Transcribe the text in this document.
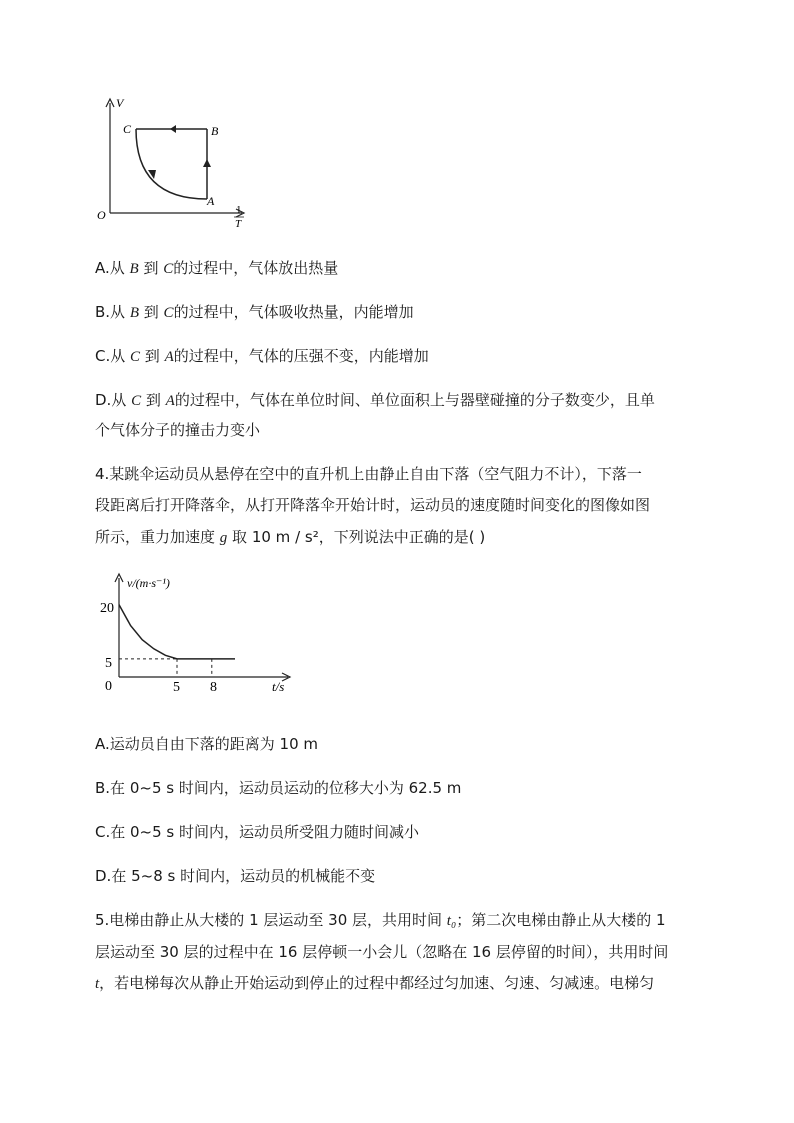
V
C	B
A
O	1
T
A.从 B 到 C的过程中，气体放出热量
B.从 B 到 C的过程中，气体吸收热量，内能增加
C.从 C 到 A的过程中，气体的压强不变，内能增加
D.从 C 到 A的过程中，气体在单位时间、单位面积上与器壁碰撞的分子数变少，且单
个气体分子的撞击力变小
4.某跳伞运动员从悬停在空中的直升机上由静止自由下落（空气阻力不计），下落一
段距离后打开降落伞，从打开降落伞开始计时，运动员的速度随时间变化的图像如图
所示，重力加速度 g 取 10 m / s²，下列说法中正确的是( )
v/(m·s⁻¹)
t/s
20
5
0	5 8
A.运动员自由下落的距离为 10 m
B.在 0~5 s 时间内，运动员运动的位移大小为 62.5 m
C.在 0~5 s 时间内，运动员所受阻力随时间减小
D.在 5~8 s 时间内，运动员的机械能不变
5.电梯由静止从大楼的 1 层运动至 30 层，共用时间 t₀；第二次电梯由静止从大楼的 1
层运动至 30 层的过程中在 16 层停顿一小会儿（忽略在 16 层停留的时间），共用时间
t，若电梯每次从静止开始运动到停止的过程中都经过匀加速、匀速、匀减速。电梯匀
